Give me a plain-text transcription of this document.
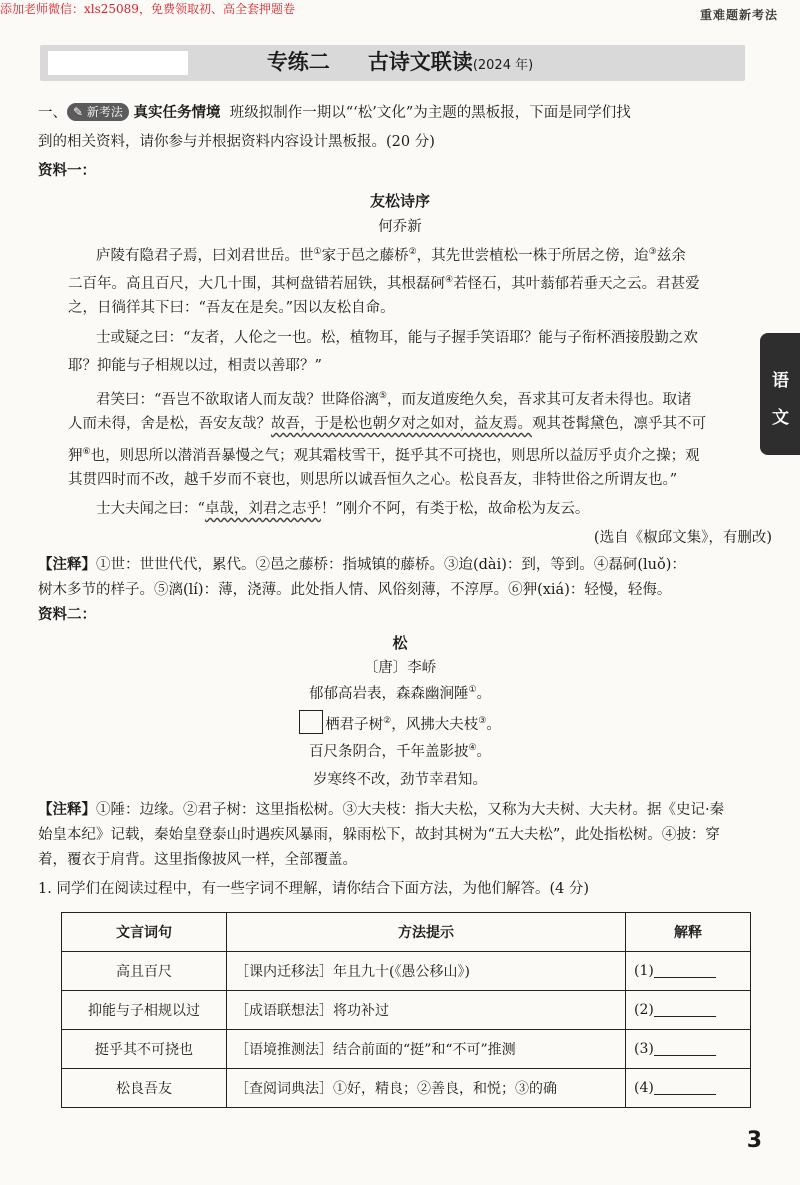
添加老师微信：xls25089，免费领取初、高全套押题卷	重难题新考法
专练二 古诗文联读(2024 年)
一、 ✎ 新考法 真实任务情境 班级拟制作一期以“‘松’文化”为主题的黑板报，下面是同学们找
到的相关资料，请你参与并根据资料内容设计黑板报。(20 分)
资料一：
友松诗序
何乔新
庐陵有隐君子焉，曰刘君世岳。世①家于邑之藤桥②，其先世尝植松一株于所居之傍，迨③兹余
二百年。高且百尺，大几十围，其柯盘错若屈铁，其根磊砢④若怪石，其叶蓊郁若垂天之云。君甚爱
之，日徜徉其下曰：“吾友在是矣。”因以友松自命。
士或疑之曰：“友者，人伦之一也。松，植物耳，能与子握手笑语耶？能与子衔杯酒接殷勤之欢
耶？抑能与子相规以过，相责以善耶？”
君笑曰：“吾岂不欲取诸人而友哉？世降俗漓⑤，而友道废绝久矣，吾求其可友者未得也。取诸
人而未得，舍是松，吾安友哉？故吾，于是松也朝夕对之如对，益友焉。观其苍髯黛色，凛乎其不可
狎⑥也，则思所以潜消吾暴慢之气；观其霜枝雪干，挺乎其不可挠也，则思所以益厉乎贞介之操；观
其贯四时而不改，越千岁而不衰也，则思所以诚吾恒久之心。松良吾友，非特世俗之所谓友也。”
士大夫闻之曰：“卓哉，刘君之志乎！”刚介不阿，有类于松，故命松为友云。
(选自《椒邱文集》，有删改)
【注释】①世：世世代代，累代。②邑之藤桥：指城镇的藤桥。③迨(dài)：到，等到。④磊砢(luǒ)：
树木多节的样子。⑤漓(lí)：薄，浇薄。此处指人情、风俗刻薄，不淳厚。⑥狎(xiá)：轻慢，轻侮。
资料二：
松
〔唐〕李峤
郁郁高岩表，森森幽涧陲①。
栖君子树②，风拂大夫枝③。
百尺条阴合，千年盖影披④。
岁寒终不改，劲节幸君知。
【注释】①陲：边缘。②君子树：这里指松树。③大夫枝：指大夫松，又称为大夫树、大夫材。据《史记·秦
始皇本纪》记载，秦始皇登泰山时遇疾风暴雨，躲雨松下，故封其树为“五大夫松”，此处指松树。④披：穿
着，覆衣于肩背。这里指像披风一样，全部覆盖。
1. 同学们在阅读过程中，有一些字词不理解，请你结合下面方法，为他们解答。(4 分)
文言词句	方法提示	解释
高且百尺	［课内迁移法］年且九十(《愚公移山》)	(1)
抑能与子相规以过	［成语联想法］将功补过	(2)
挺乎其不可挠也	［语境推测法］结合前面的“挺”和“不可”推测	(3)
松良吾友	［查阅词典法］①好，精良；②善良，和悦；③的确	(4)
语
文
3
